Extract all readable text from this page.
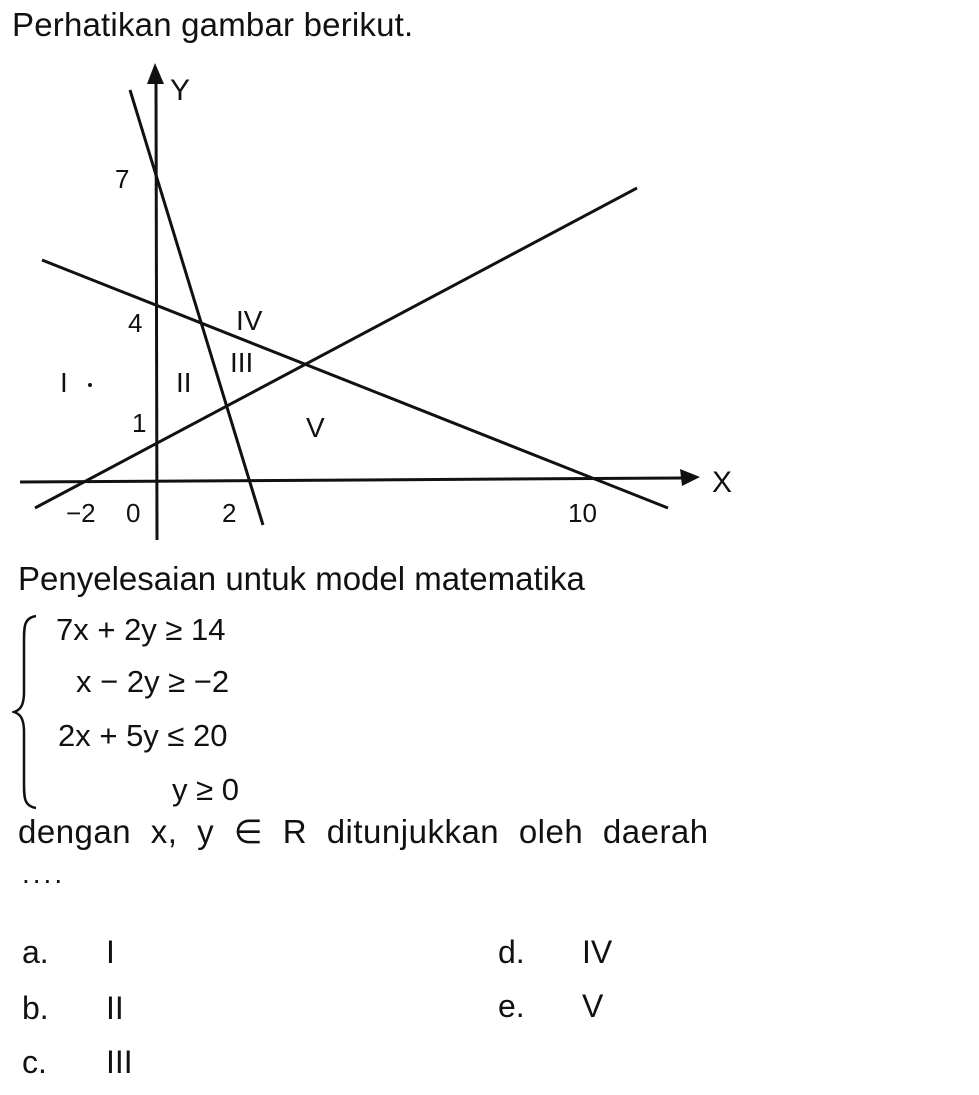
Perhatikan gambar berikut.
Y
X
7
4
1
−2 0	2	10
I	II
III
IV
V
Penyelesaian untuk model matematika
7x + 2y ≥ 14
x − 2y ≥ −2
2x + 5y ≤ 20
y ≥ 0
dengan x, y ∈ R ditunjukkan oleh daerah
....
a. I
b. II
c. III
d. IV
e. V
